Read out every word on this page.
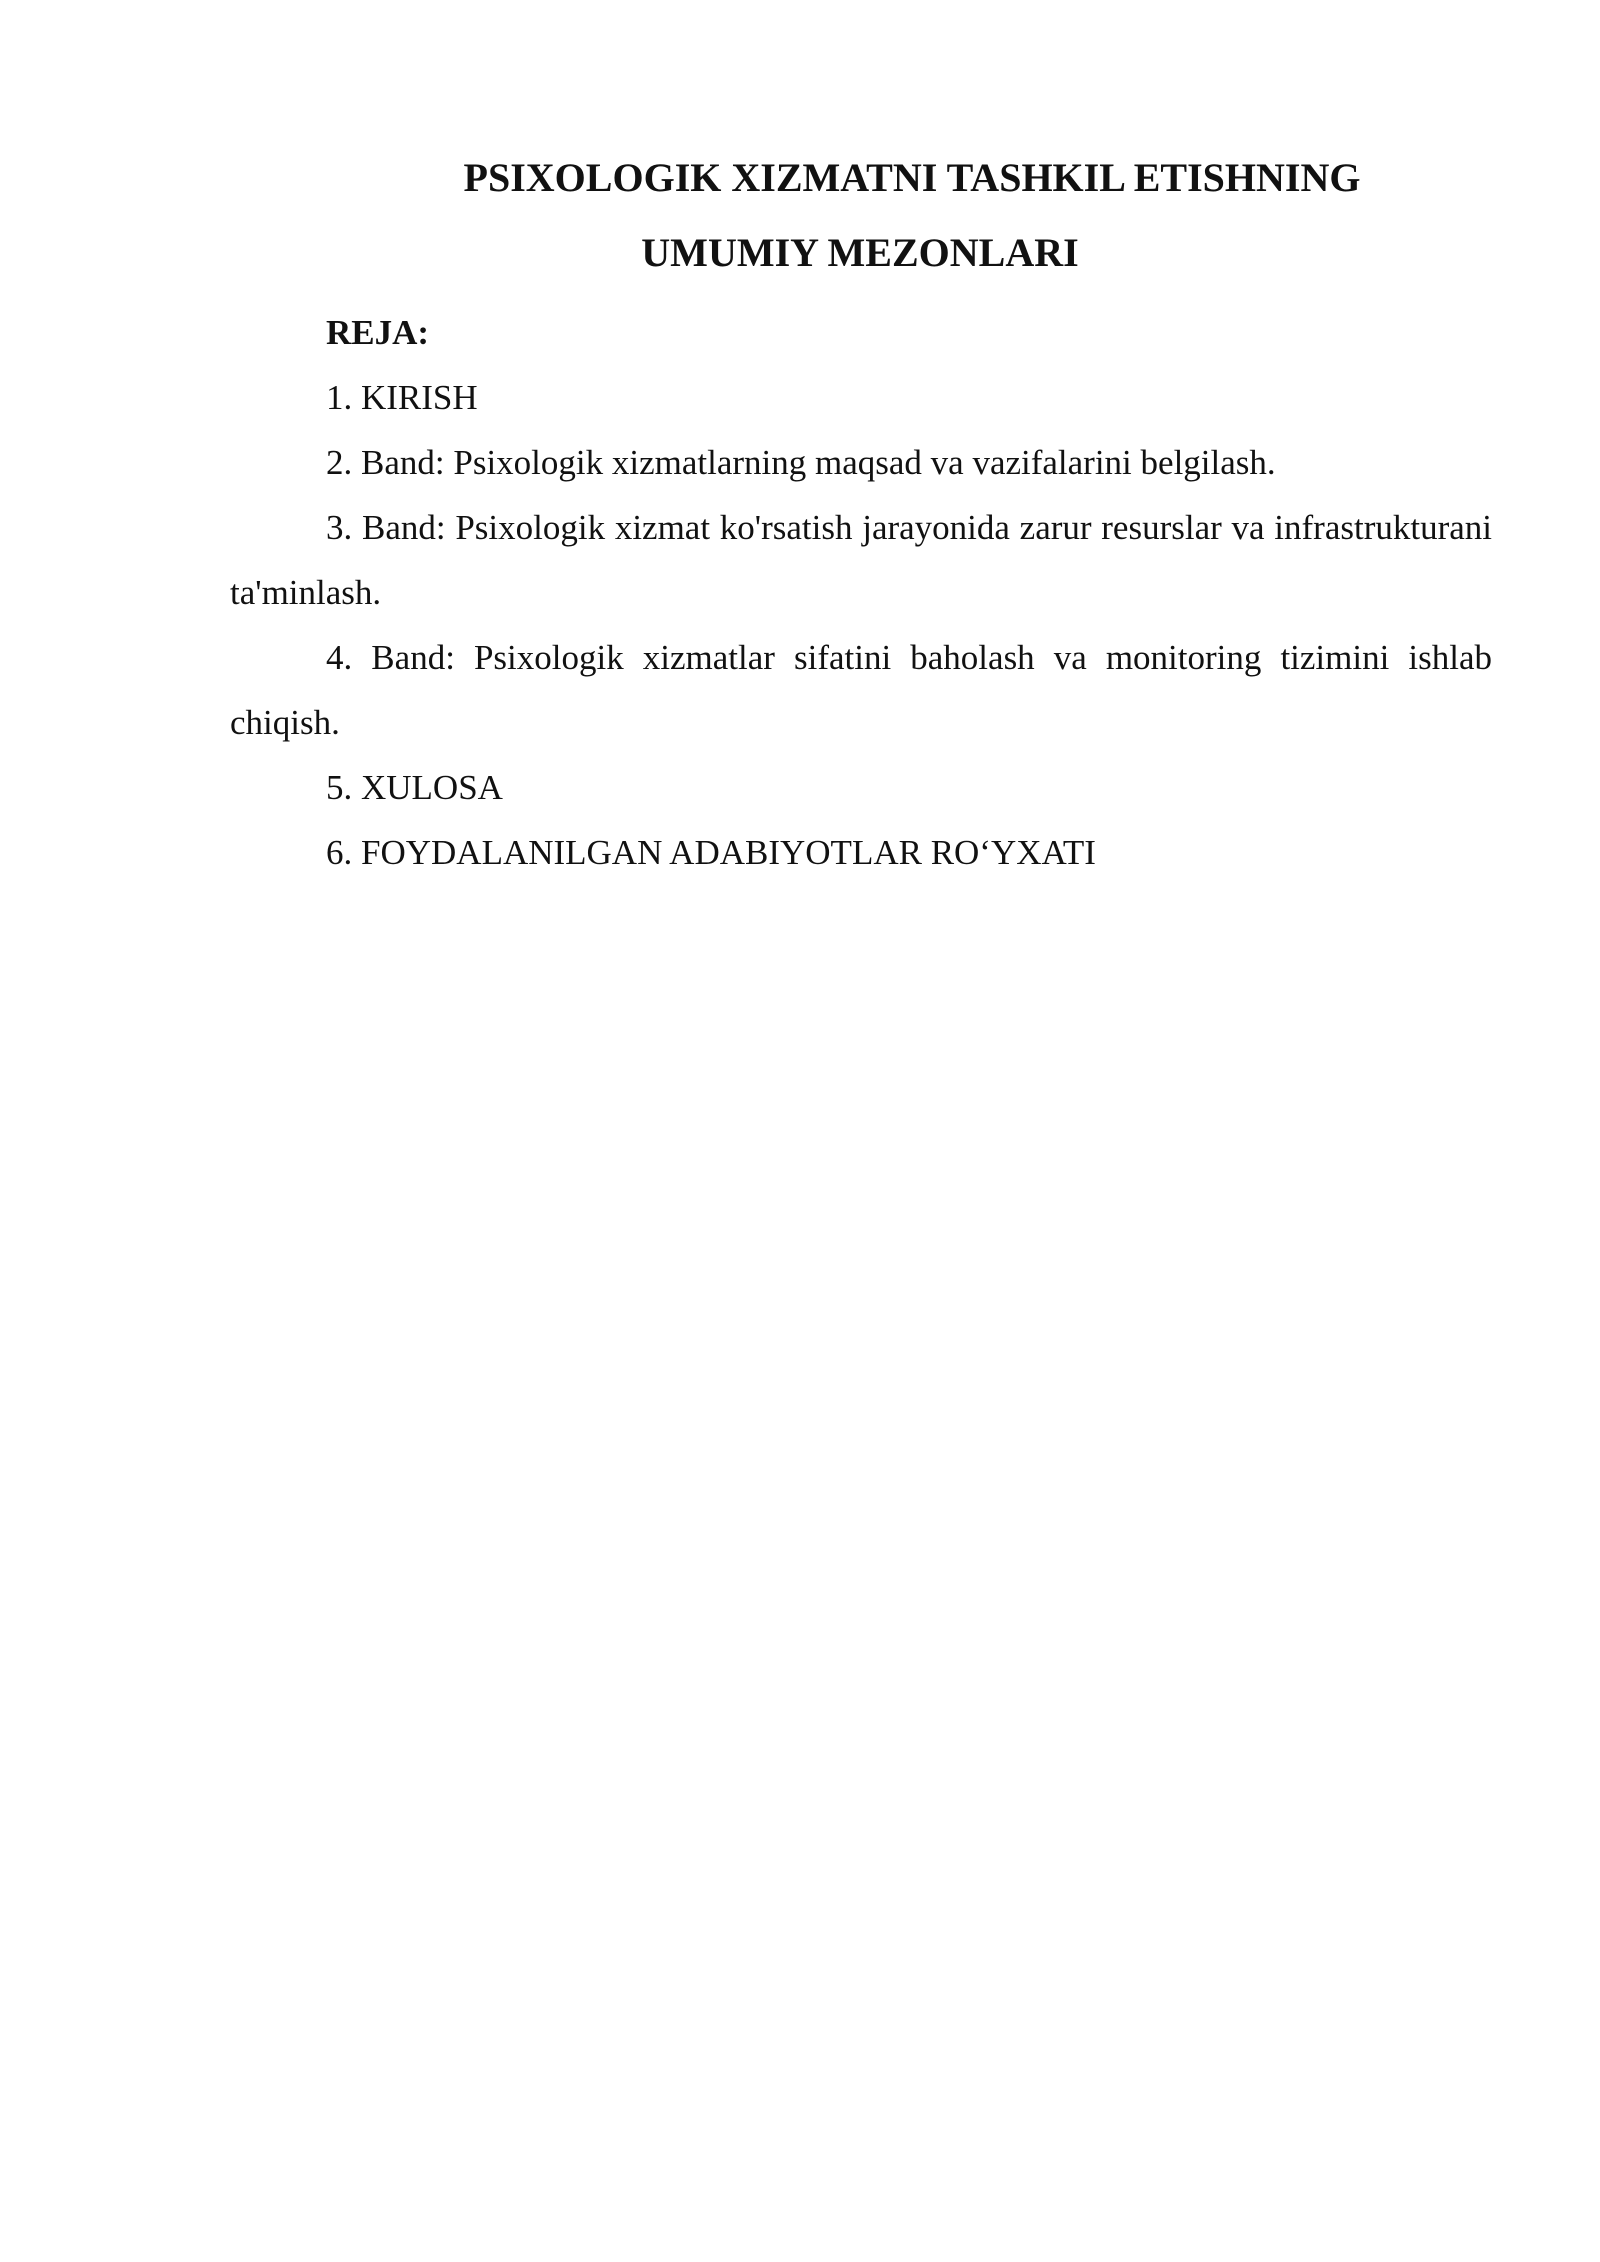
PSIXOLOGIK XIZMATNI TASHKIL ETISHNING
UMUMIY MEZONLARI

REJA:

1. KIRISH

2. Band: Psixologik xizmatlarning maqsad va vazifalarini belgilash.

3. Band: Psixologik xizmat ko'rsatish jarayonida zarur resurslar va infrastrukturani ta'minlash.

4. Band: Psixologik xizmatlar sifatini baholash va monitoring tizimini ishlab chiqish.

5. XULOSA

6. FOYDALANILGAN ADABIYOTLAR RO‘YXATI
